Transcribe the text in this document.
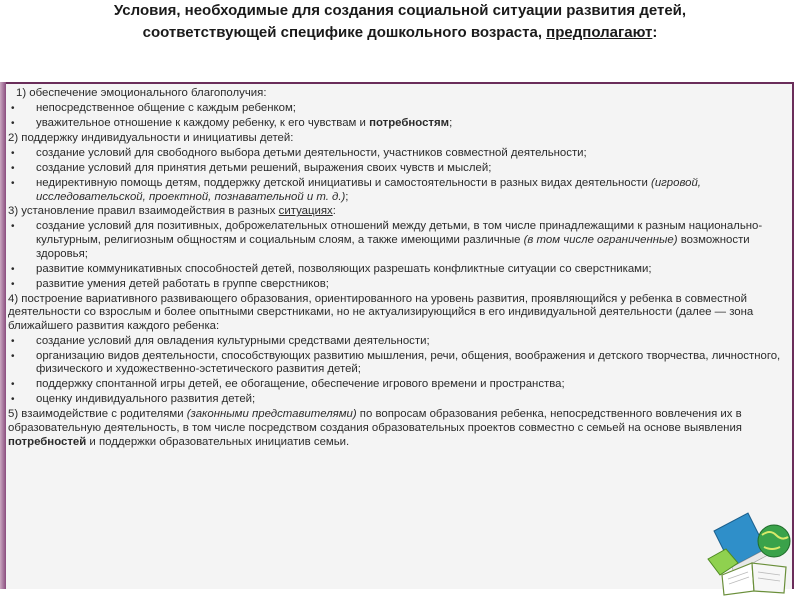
Условия, необходимые для создания социальной ситуации развития детей,
соответствующей специфике дошкольного возраста, предполагают:
1) обеспечение эмоционального благополучия:
• непосредственное общение с каждым ребенком;
• уважительное отношение к каждому ребенку, к его чувствам и потребностям;
2) поддержку индивидуальности и инициативы детей:
• создание условий для свободного выбора детьми деятельности, участников совместной деятельности;
• создание условий для принятия детьми решений, выражения своих чувств и мыслей;
• недирективную помощь детям, поддержку детской инициативы и самостоятельности в разных видах деятельности (игровой, исследовательской, проектной, познавательной и т. д.);
3) установление правил взаимодействия в разных ситуациях:
• создание условий для позитивных, доброжелательных отношений между детьми, в том числе принадлежащими к разным национально-культурным, религиозным общностям и социальным слоям, а также имеющими различные (в том числе ограниченные) возможности здоровья;
• развитие коммуникативных способностей детей, позволяющих разрешать конфликтные ситуации со сверстниками;
• развитие умения детей работать в группе сверстников;
4) построение вариативного развивающего образования, ориентированного на уровень развития, проявляющийся у ребенка в совместной деятельности со взрослым и более опытными сверстниками, но не актуализирующийся в его индивидуальной деятельности (далее — зона ближайшего развития каждого ребенка:
• создание условий для овладения культурными средствами деятельности;
• организацию видов деятельности, способствующих развитию мышления, речи, общения, воображения и детского творчества, личностного, физического и художественно-эстетического развития детей;
• поддержку спонтанной игры детей, ее обогащение, обеспечение игрового времени и пространства;
• оценку индивидуального развития детей;
5) взаимодействие с родителями (законными представителями) по вопросам образования ребенка, непосредственного вовлечения их в образовательную деятельность, в том числе посредством создания образовательных проектов совместно с семьей на основе выявления потребностей и поддержки образовательных инициатив семьи.
